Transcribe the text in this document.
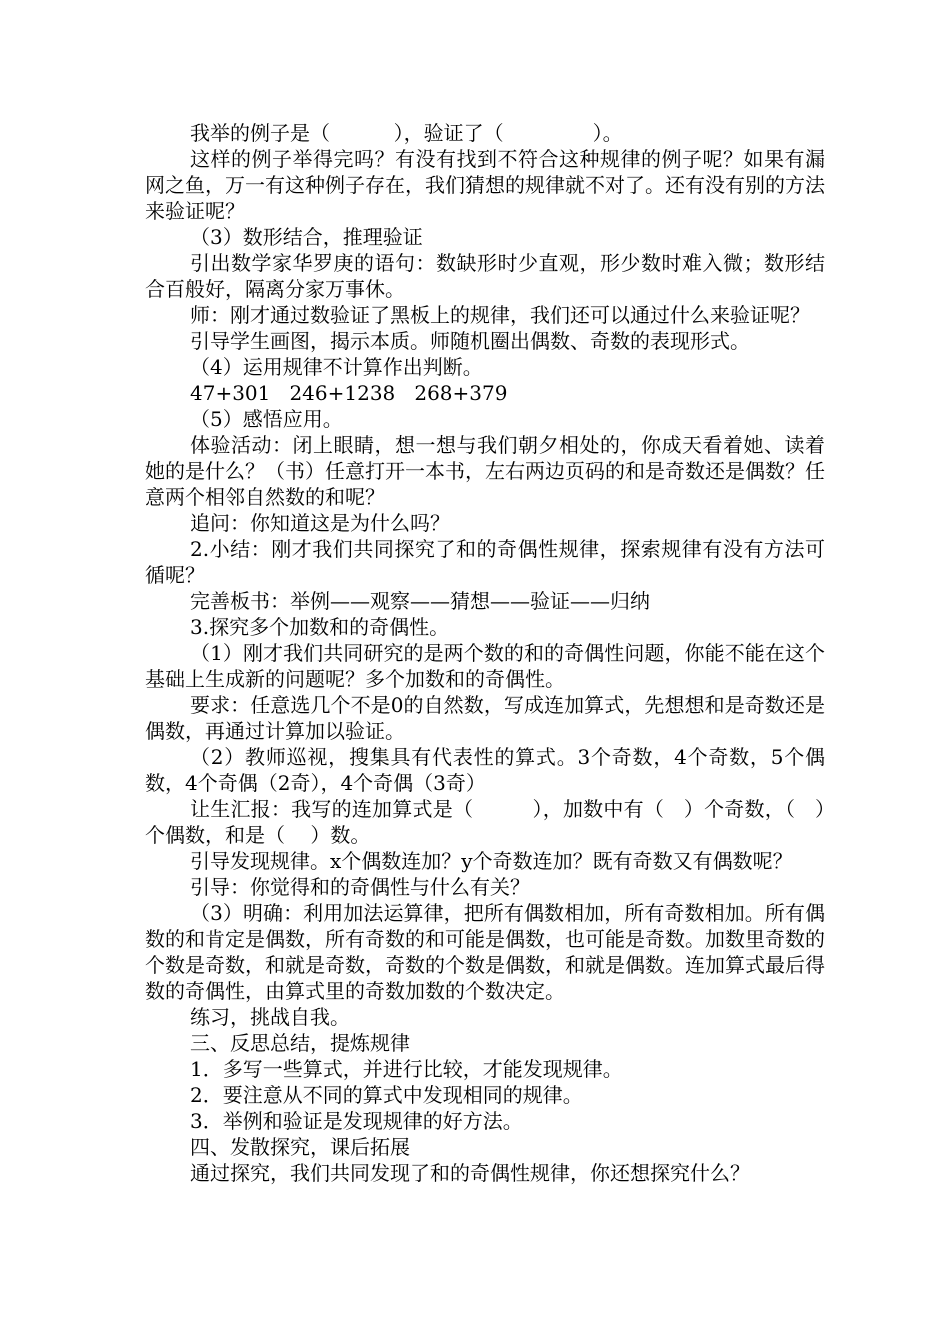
我举的例子是（          ），验证了（              ）。

这样的例子举得完吗？有没有找到不符合这种规律的例子呢？如果有漏网之鱼，万一有这种例子存在，我们猜想的规律就不对了。还有没有别的方法来验证呢？

（3）数形结合，推理验证

引出数学家华罗庚的语句：数缺形时少直观，形少数时难入微；数形结合百般好，隔离分家万事休。

师：刚才通过数验证了黑板上的规律，我们还可以通过什么来验证呢？

引导学生画图，揭示本质。师随机圈出偶数、奇数的表现形式。

（4）运用规律不计算作出判断。

47+301   246+1238   268+379

（5）感悟应用。

体验活动：闭上眼睛，想一想与我们朝夕相处的，你成天看着她、读着她的是什么？（书）任意打开一本书，左右两边页码的和是奇数还是偶数？任意两个相邻自然数的和呢？

追问：你知道这是为什么吗？

2.小结：刚才我们共同探究了和的奇偶性规律，探索规律有没有方法可循呢？

完善板书：举例——观察——猜想——验证——归纳

3.探究多个加数和的奇偶性。

（1）刚才我们共同研究的是两个数的和的奇偶性问题，你能不能在这个基础上生成新的问题呢？多个加数和的奇偶性。

要求：任意选几个不是0的自然数，写成连加算式，先想想和是奇数还是偶数，再通过计算加以验证。

（2）教师巡视，搜集具有代表性的算式。3个奇数，4个奇数，5个偶数，4个奇偶（2奇），4个奇偶（3奇）

让生汇报：我写的连加算式是（         ），加数中有（   ）个奇数，（   ）个偶数，和是（    ）数。

引导发现规律。x个偶数连加？y个奇数连加？既有奇数又有偶数呢？

引导：你觉得和的奇偶性与什么有关？

（3）明确：利用加法运算律，把所有偶数相加，所有奇数相加。所有偶数的和肯定是偶数，所有奇数的和可能是偶数，也可能是奇数。加数里奇数的个数是奇数，和就是奇数，奇数的个数是偶数，和就是偶数。连加算式最后得数的奇偶性，由算式里的奇数加数的个数决定。

练习，挑战自我。

三、反思总结，提炼规律

1．多写一些算式，并进行比较，才能发现规律。

2．要注意从不同的算式中发现相同的规律。

3．举例和验证是发现规律的好方法。

四、发散探究，课后拓展

通过探究，我们共同发现了和的奇偶性规律，你还想探究什么？
